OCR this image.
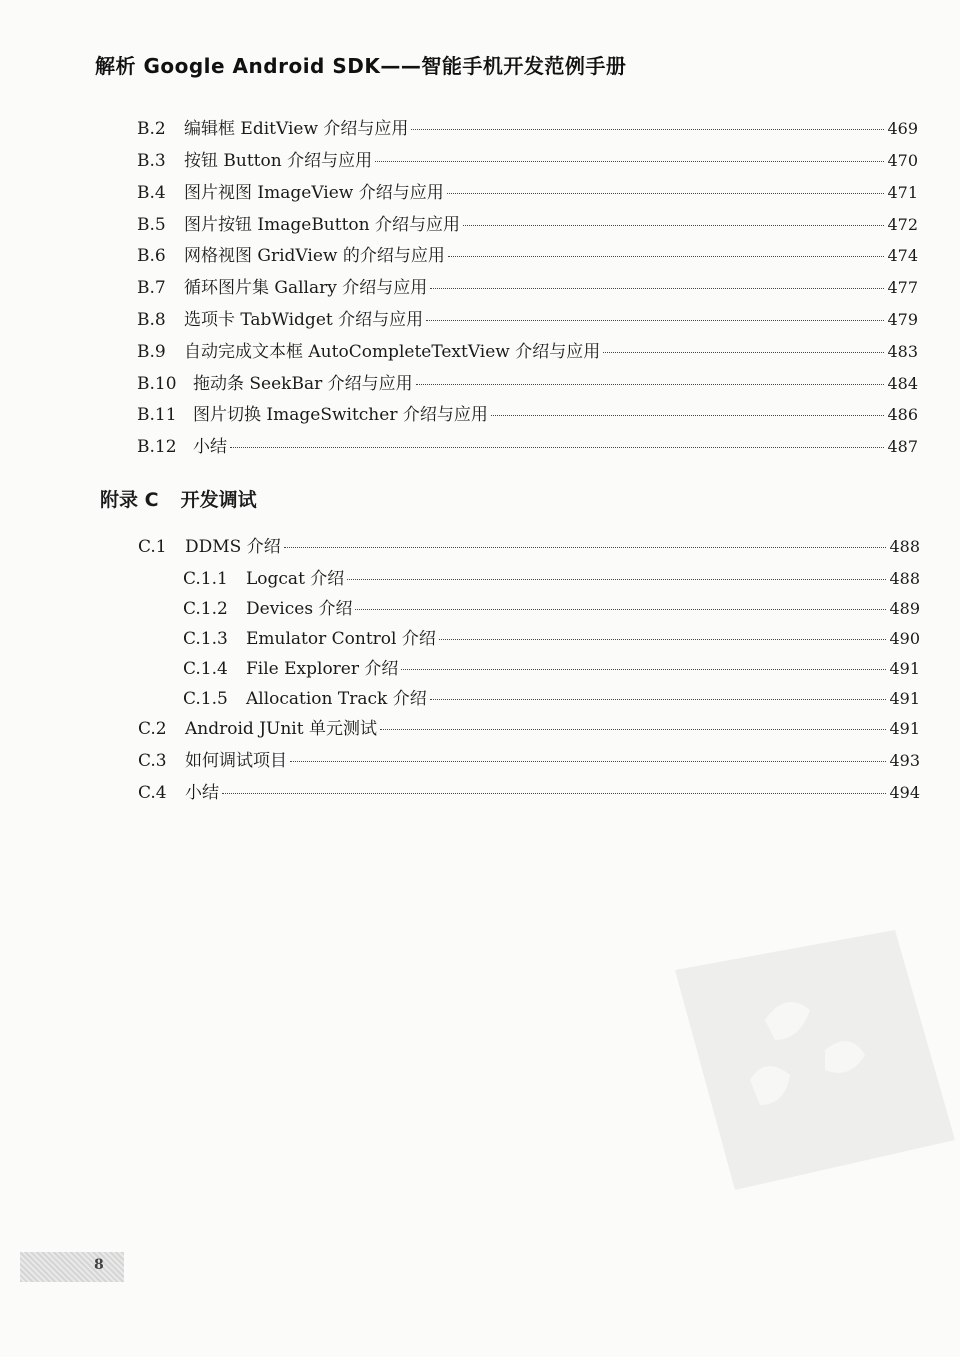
解析 Google Android SDK——智能手机开发范例手册
B.2	编辑框 EditView 介绍与应用	469
B.3	按钮 Button 介绍与应用	470
B.4	图片视图 ImageView 介绍与应用	471
B.5	图片按钮 ImageButton 介绍与应用	472
B.6	网格视图 GridView 的介绍与应用	474
B.7	循环图片集 Gallary 介绍与应用	477
B.8	选项卡 TabWidget 介绍与应用	479
B.9	自动完成文本框 AutoCompleteTextView 介绍与应用	483
B.10 拖动条 SeekBar 介绍与应用	484
B.11 图片切换 ImageSwitcher 介绍与应用	486
B.12 小结	487
附录 C 开发调试
C.1	DDMS 介绍	488
C.1.1	Logcat 介绍	488
C.1.2	Devices 介绍	489
C.1.3	Emulator Control 介绍	490
C.1.4	File Explorer 介绍	491
C.1.5	Allocation Track 介绍	491
C.2	Android JUnit 单元测试	491
C.3	如何调试项目	493
C.4	小结	494
8
